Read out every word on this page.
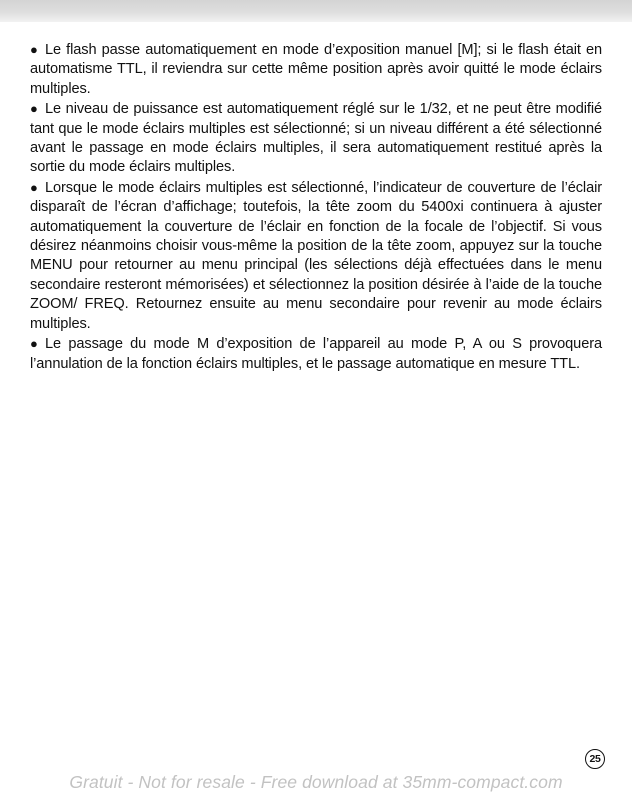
● Le flash passe automatiquement en mode d’exposition manuel [M]; si le flash était en automatisme TTL, il reviendra sur cette même position après avoir quitté le mode éclairs multiples.

● Le niveau de puissance est automatiquement réglé sur le 1/32, et ne peut être modifié tant que le mode éclairs multiples est sélectionné; si un niveau différent a été sélectionné avant le passage en mode éclairs multiples, il sera automatiquement restitué après la sortie du mode éclairs multiples.

● Lorsque le mode éclairs multiples est sélectionné, l’indicateur de couverture de l’éclair disparaît de l’écran d’affichage; toutefois, la tête zoom du 5400xi continuera à ajuster automatiquement la couverture de l’éclair en fonction de la focale de l’objectif. Si vous désirez néanmoins choisir vous-même la position de la tête zoom, appuyez sur la touche MENU pour retourner au menu principal (les sélections déjà effectuées dans le menu secondaire resteront mémorisées) et sélectionnez la position désirée à l’aide de la touche ZOOM/ FREQ. Retournez ensuite au menu secondaire pour revenir au mode éclairs multiples.

● Le passage du mode M d’exposition de l’appareil au mode P, A ou S provoquera l’annulation de la fonction éclairs multiples, et le passage automatique en mesure TTL.

25
Gratuit - Not for resale - Free download at 35mm-compact.com
